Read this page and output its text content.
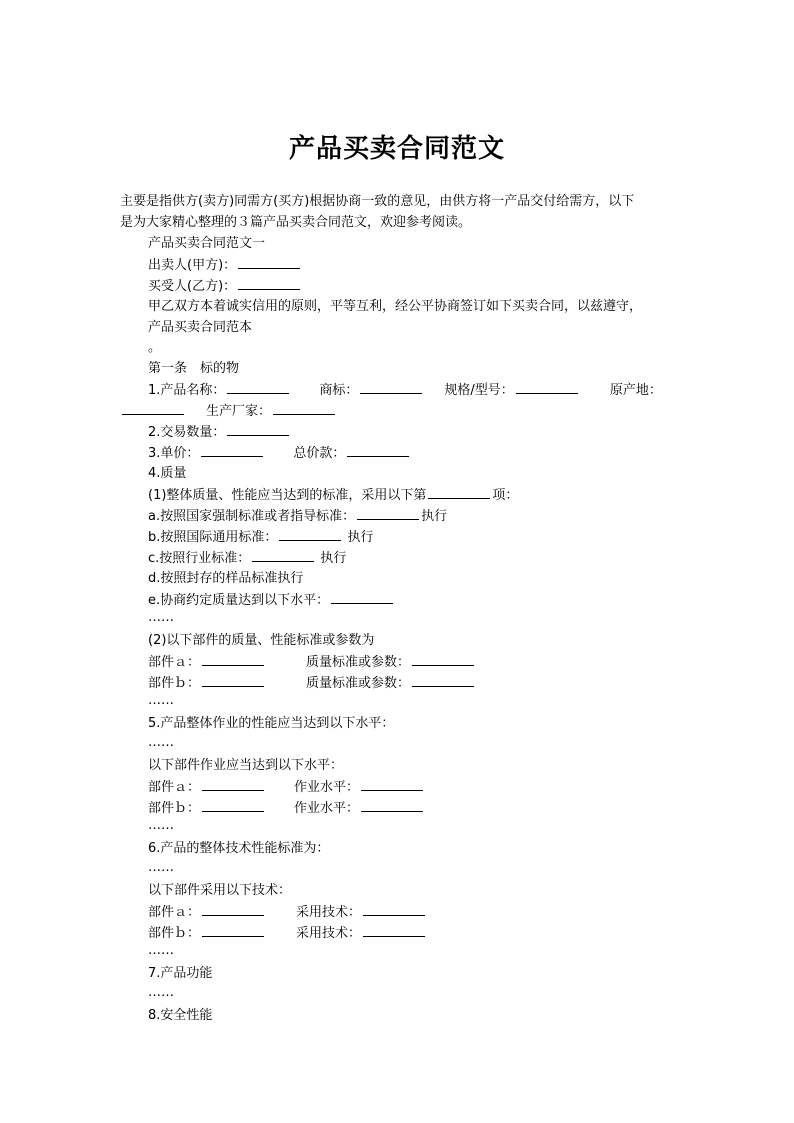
产品买卖合同范文
主要是指供方(卖方)同需方(买方)根据协商一致的意见，由供方将一产品交付给需方，以下
是为大家精心整理的３篇产品买卖合同范文，欢迎参考阅读。
产品买卖合同范文一
出卖人(甲方)：
买受人(乙方)：
甲乙双方本着诚实信用的原则，平等互利，经公平协商签订如下买卖合同，以兹遵守，
产品买卖合同范本
。
第一条　标的物
1.产品名称：	商标：	规格/型号：	原产地：
生产厂家：
2.交易数量：
3.单价：	总价款：
4.质量
(1)整体质量、性能应当达到的标准，采用以下第	项：
a.按照国家强制标准或者指导标准：	执行
b.按照国际通用标准：	执行
c.按照行业标准：	执行
d.按照封存的样品标准执行
e.协商约定质量达到以下水平：
……
(2)以下部件的质量、性能标准或参数为
部件ａ：	质量标准或参数：
部件ｂ：	质量标准或参数：
……
5.产品整体作业的性能应当达到以下水平：
……
以下部件作业应当达到以下水平：
部件ａ：	作业水平：
部件ｂ：	作业水平：
……
6.产品的整体技术性能标准为：
……
以下部件采用以下技术：
部件ａ：	采用技术：
部件ｂ：	采用技术：
……
7.产品功能
……
8.安全性能
